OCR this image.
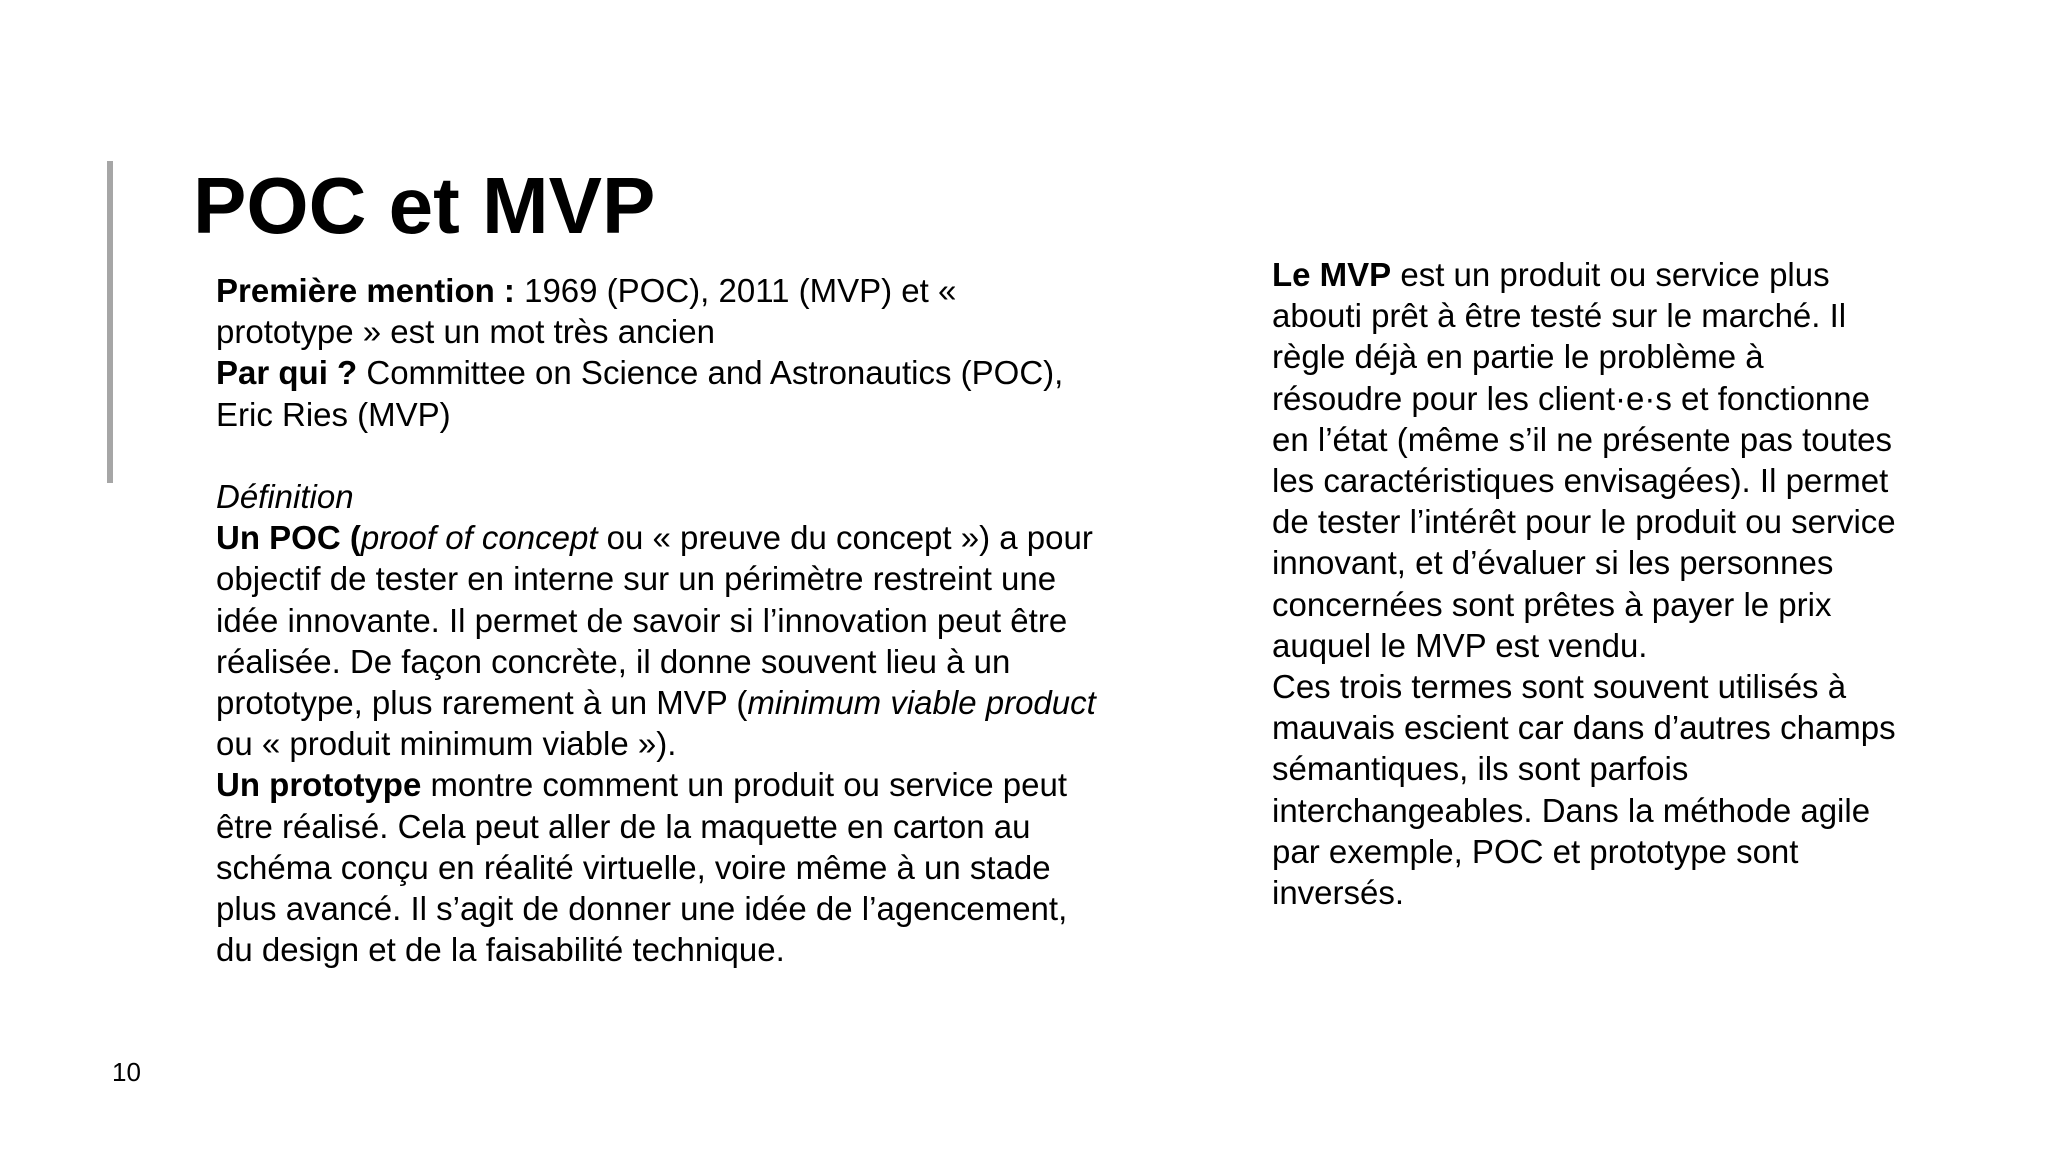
POC et MVP

Première mention : 1969 (POC), 2011 (MVP) et « prototype » est un mot très ancien

Par qui ? Committee on Science and Astronautics (POC), Eric Ries (MVP)

Définition

Un POC (proof of concept ou « preuve du concept ») a pour objectif de tester en interne sur un périmètre restreint une idée innovante. Il permet de savoir si l’innovation peut être réalisée. De façon concrète, il donne souvent lieu à un prototype, plus rarement à un MVP (minimum viable product ou « produit minimum viable »).

Un prototype montre comment un produit ou service peut être réalisé. Cela peut aller de la maquette en carton au schéma conçu en réalité virtuelle, voire même à un stade plus avancé. Il s’agit de donner une idée de l’agencement, du design et de la faisabilité technique.

Le MVP est un produit ou service plus abouti prêt à être testé sur le marché. Il règle déjà en partie le problème à résoudre pour les client·e·s et fonctionne en l’état (même s’il ne présente pas toutes les caractéristiques envisagées). Il permet de tester l’intérêt pour le produit ou service innovant, et d’évaluer si les personnes concernées sont prêtes à payer le prix auquel le MVP est vendu.

Ces trois termes sont souvent utilisés à mauvais escient car dans d’autres champs sémantiques, ils sont parfois interchangeables. Dans la méthode agile par exemple, POC et prototype sont inversés.

10
